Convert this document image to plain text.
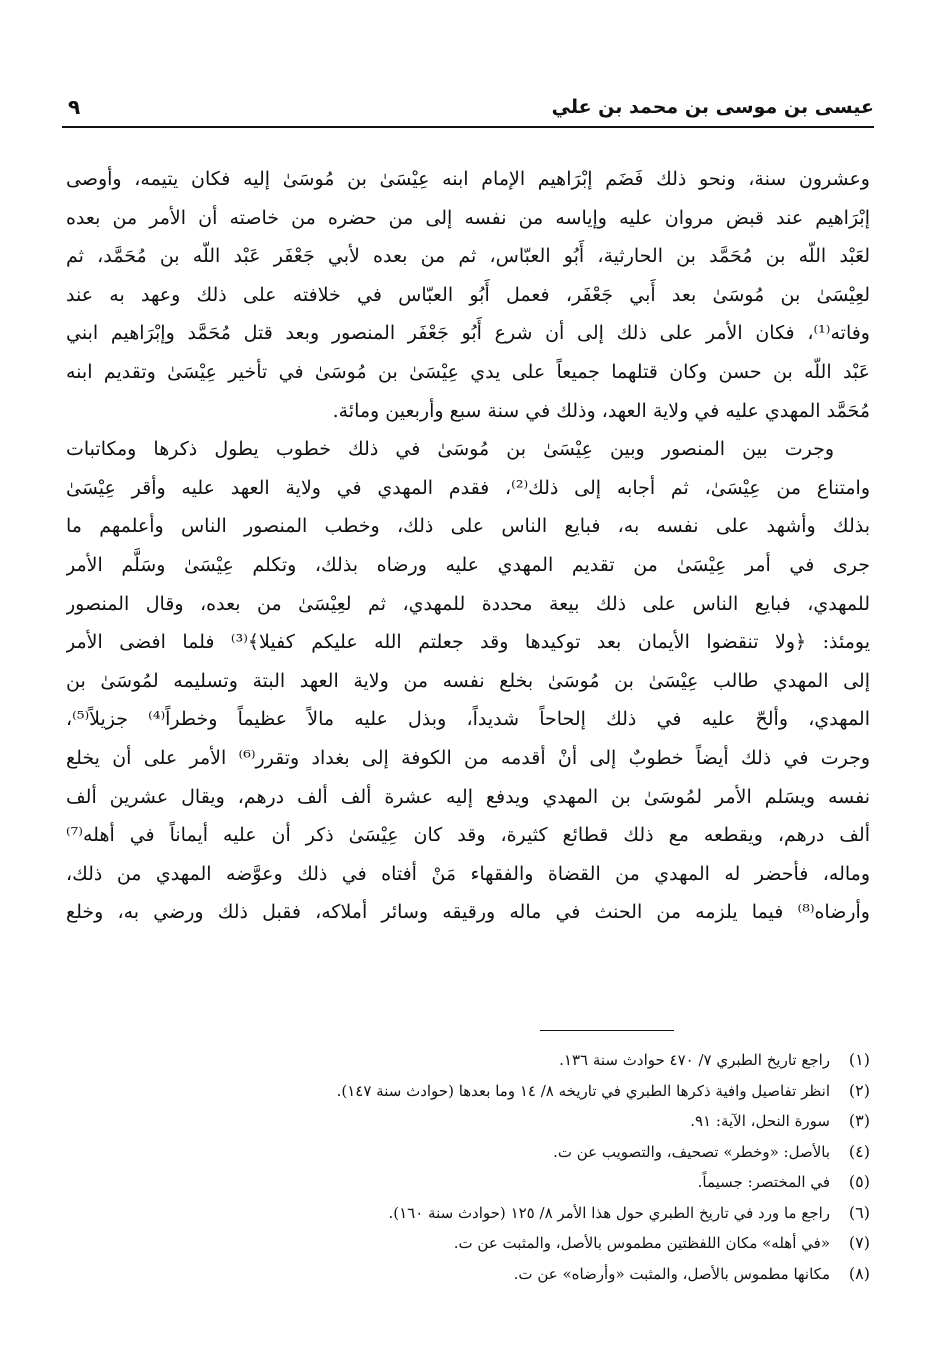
عيسى بن موسى بن محمد بن علي
٩
وعشرون سنة، ونحو ذلك فَضَم إبْرَاهيم الإمام ابنه عِيْسَىٰ بن مُوسَىٰ إليه فكان يتيمه، وأوصى
إبْرَاهيم عند قبض مروان عليه وإياسه من نفسه إلى من حضره من خاصته أن الأمر من بعده
لعَبْد اللّه بن مُحَمَّد بن الحارثية، أَبُو العبّاس، ثم من بعده لأبي جَعْفَر عَبْد اللّه بن مُحَمَّد، ثم
لعِيْسَىٰ بن مُوسَىٰ بعد أَبي جَعْفَر، فعمل أَبُو العبّاس في خلافته على ذلك وعهد به عند
وفاته⁽¹⁾، فكان الأمر على ذلك إلى أن شرع أَبُو جَعْفَر المنصور وبعد قتل مُحَمَّد وإبْرَاهيم ابني
عَبْد اللّه بن حسن وكان قتلهما جميعاً على يدي عِيْسَىٰ بن مُوسَىٰ في تأخير عِيْسَىٰ وتقديم ابنه
مُحَمَّد المهدي عليه في ولاية العهد، وذلك في سنة سبع وأربعين ومائة.
وجرت بين المنصور وبين عِيْسَىٰ بن مُوسَىٰ في ذلك خطوب يطول ذكرها ومكاتبات
وامتناع من عِيْسَىٰ، ثم أجابه إلى ذلك⁽²⁾، فقدم المهدي في ولاية العهد عليه وأقر عِيْسَىٰ
بذلك وأشهد على نفسه به، فبايع الناس على ذلك، وخطب المنصور الناس وأعلمهم ما
جرى في أمر عِيْسَىٰ من تقديم المهدي عليه ورضاه بذلك، وتكلم عِيْسَىٰ وسَلَّم الأمر
للمهدي، فبايع الناس على ذلك بيعة محددة للمهدي، ثم لعِيْسَىٰ من بعده، وقال المنصور
يومئذ: ﴿ولا تنقضوا الأيمان بعد توكيدها وقد جعلتم الله عليكم كفيلا﴾⁽³⁾ فلما افضى الأمر
إلى المهدي طالب عِيْسَىٰ بن مُوسَىٰ بخلع نفسه من ولاية العهد البتة وتسليمه لمُوسَىٰ بن
المهدي، وألحّ عليه في ذلك إلحاحاً شديداً، وبذل عليه مالاً عظيماً وخطراً⁽⁴⁾ جزيلاً⁽⁵⁾،
وجرت في ذلك أيضاً خطوبٌ إلى أنْ أقدمه من الكوفة إلى بغداد وتقرر⁽⁶⁾ الأمر على أن يخلع
نفسه ويسَلم الأمر لمُوسَىٰ بن المهدي ويدفع إليه عشرة ألف ألف درهم، ويقال عشرين ألف
ألف درهم، ويقطعه مع ذلك قطائع كثيرة، وقد كان عِيْسَىٰ ذكر أن عليه أيماناً في أهله⁽⁷⁾
وماله، فأحضر له المهدي من القضاة والفقهاء مَنْ أفتاه في ذلك وعوَّضه المهدي من ذلك،
وأرضاه⁽⁸⁾ فيما يلزمه من الحنث في ماله ورقيقه وسائر أملاكه، فقبل ذلك ورضي به، وخلع
(١)راجع تاريخ الطبري ٧/ ٤٧٠ حوادث سنة ١٣٦.
(٢)انظر تفاصيل وافية ذكرها الطبري في تاريخه ٨/ ١٤ وما بعدها (حوادث سنة ١٤٧).
(٣)سورة النحل، الآية: ٩١.
(٤)بالأصل: «وخطر» تصحيف، والتصويب عن ت.
(٥)في المختصر: جسيماً.
(٦)راجع ما ورد في تاريخ الطبري حول هذا الأمر ٨/ ١٢٥ (حوادث سنة ١٦٠).
(٧)«في أهله» مكان اللفظتين مطموس بالأصل، والمثبت عن ت.
(٨)مكانها مطموس بالأصل، والمثبت «وأرضاه» عن ت.
